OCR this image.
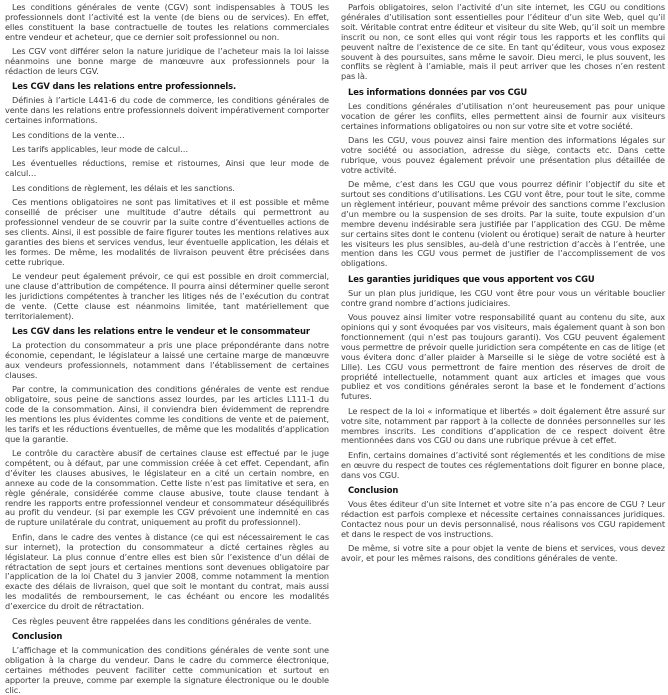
Les conditions générales de vente (CGV) sont indispensables à TOUS les professionnels dont l’activité est la vente (de biens ou de services). En effet, elles constituent la base contractuelle de toutes les relations commerciales entre vendeur et acheteur, que ce dernier soit professionnel ou non.
Les CGV vont différer selon la nature juridique de l’acheteur mais la loi laisse néanmoins une bonne marge de manœuvre aux professionnels pour la rédaction de leurs CGV.
Les CGV dans les relations entre professionnels.
Définies à l’article L441-6 du code de commerce, les conditions générales de vente dans les relations entre professionnels doivent impérativement comporter certaines informations.
Les conditions de la vente…
Les tarifs applicables, leur mode de calcul…
Les éventuelles réductions, remise et ristournes, Ainsi que leur mode de calcul…
Les conditions de règlement, les délais et les sanctions.
Ces mentions obligatoires ne sont pas limitatives et il est possible et même conseillé de préciser une multitude d’autre détails qui permettront au professionnel vendeur de se couvrir par la suite contre d’éventuelles actions de ses clients. Ainsi, il est possible de faire figurer toutes les mentions relatives aux garanties des biens et services vendus, leur éventuelle application, les délais et les formes. De même, les modalités de livraison peuvent être précisées dans cette rubrique.
Le vendeur peut également prévoir, ce qui est possible en droit commercial, une clause d’attribution de compétence. Il pourra ainsi déterminer quelle seront les juridictions compétentes à trancher les litiges nés de l’exécution du contrat de vente. (Cette clause est néanmoins limitée, tant matériellement que territorialement).
Les CGV dans les relations entre le vendeur et le consommateur
La protection du consommateur a pris une place prépondérante dans notre économie, cependant, le législateur a laissé une certaine marge de manœuvre aux vendeurs professionnels, notamment dans l’établissement de certaines clauses.
Par contre, la communication des conditions générales de vente est rendue obligatoire, sous peine de sanctions assez lourdes, par les articles L111-1 du code de la consommation. Ainsi, il conviendra bien évidemment de reprendre les mentions les plus évidentes comme les conditions de vente et de paiement, les tarifs et les réductions éventuelles, de même que les modalités d’application que la garantie.
Le contrôle du caractère abusif de certaines clause est effectué par le juge compétent, ou à défaut, par une commission créée à cet effet. Cependant, afin d’éviter les clauses abusives, le législateur en a cité un certain nombre, en annexe au code de la consommation. Cette liste n’est pas limitative et sera, en règle générale, considérée comme clause abusive, toute clause tendant à rendre les rapports entre professionnel vendeur et consommateur déséquilibrés au profit du vendeur. (si par exemple les CGV prévoient une indemnité en cas de rupture unilatérale du contrat, uniquement au profit du professionnel).
Enfin, dans le cadre des ventes à distance (ce qui est nécessairement le cas sur internet), la protection du consommateur a dicté certaines règles au législateur. La plus connue d’entre elles est bien sûr l’existence d’un délai de rétractation de sept jours et certaines mentions sont devenues obligatoire par l’application de la loi Chatel du 3 janvier 2008, comme notamment la mention exacte des délais de livraison, quel que soit le montant du contrat, mais aussi les modalités de remboursement, le cas échéant ou encore les modalités d’exercice du droit de rétractation.
Ces règles peuvent être rappelées dans les conditions générales de vente.
Conclusion
L’affichage et la communication des conditions générales de vente sont une obligation à la charge du vendeur. Dans le cadre du commerce électronique, certaines méthodes peuvent faciliter cette communication et surtout en apporter la preuve, comme par exemple la signature électronique ou le double clic.
Parfois obligatoires, selon l’activité d’un site internet, les CGU ou conditions générales d’utilisation sont essentielles pour l’éditeur d’un site Web, quel qu’il soit. Véritable contrat entre éditeur et visiteur du site Web, qu’il soit un membre inscrit ou non, ce sont elles qui vont régir tous les rapports et les conflits qui peuvent naître de l’existence de ce site. En tant qu’éditeur, vous vous exposez souvent à des poursuites, sans même le savoir. Dieu merci, le plus souvent, les conflits se règlent à l’amiable, mais il peut arriver que les choses n’en restent pas là.
Les informations données par vos CGU
Les conditions générales d’utilisation n’ont heureusement pas pour unique vocation de gérer les conflits, elles permettent ainsi de fournir aux visiteurs certaines informations obligatoires ou non sur votre site et votre société.
Dans les CGU, vous pouvez ainsi faire mention des informations légales sur votre société ou association, adresse du siège, contacts etc. Dans cette rubrique, vous pouvez également prévoir une présentation plus détaillée de votre activité.
De même, c’est dans les CGU que vous pourrez définir l’objectif du site et surtout ses conditions d’utilisations. Les CGU vont être, pour tout le site, comme un règlement intérieur, pouvant même prévoir des sanctions comme l’exclusion d’un membre ou la suspension de ses droits. Par la suite, toute expulsion d’un membre devenu indésirable sera justifiée par l’application des CGU. De même sur certains sites dont le contenu (violent ou érotique) serait de nature à heurter les visiteurs les plus sensibles, au-delà d’une restriction d’accès à l’entrée, une mention dans les CGU vous permet de justifier de l’accomplissement de vos obligations.
Les garanties juridiques que vous apportent vos CGU
Sur un plan plus juridique, les CGU vont être pour vous un véritable bouclier contre grand nombre d’actions judiciaires.
Vous pouvez ainsi limiter votre responsabilité quant au contenu du site, aux opinions qui y sont évoquées par vos visiteurs, mais également quant à son bon fonctionnement (qui n’est pas toujours garanti). Vos CGU peuvent également vous permettre de prévoir quelle juridiction sera compétente en cas de litige (et vous évitera donc d’aller plaider à Marseille si le siège de votre société est à Lille). Les CGU vous permettront de faire mention des réserves de droit de propriété intellectuelle, notamment quant aux articles et images que vous publiez et vos conditions générales seront la base et le fondement d’actions futures.
Le respect de la loi « informatique et libertés » doit également être assuré sur votre site, notamment par rapport à la collecte de données personnelles sur les membres inscrits. Les conditions d’application de ce respect doivent être mentionnées dans vos CGU ou dans une rubrique prévue à cet effet.
Enfin, certains domaines d’activité sont réglementés et les conditions de mise en œuvre du respect de toutes ces réglementations doit figurer en bonne place, dans vos CGU.
Conclusion
Vous êtes éditeur d’un site Internet et votre site n’a pas encore de CGU ? Leur rédaction est parfois complexe et nécessite certaines connaissances juridiques. Contactez nous pour un devis personnalisé, nous réalisons vos CGU rapidement et dans le respect de vos instructions.
De même, si votre site a pour objet la vente de biens et services, vous devez avoir, et pour les mêmes raisons, des conditions générales de vente.
